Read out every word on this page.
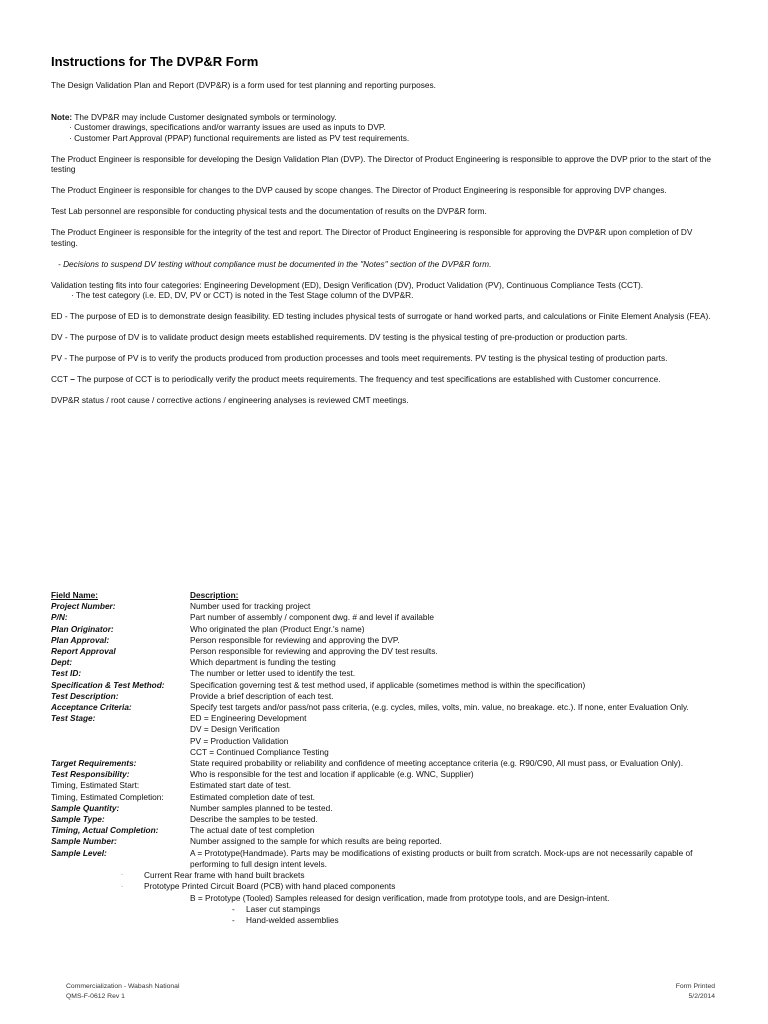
Instructions for The DVP&R Form

The Design Validation Plan and Report (DVP&R) is a form used for test planning and reporting purposes.

Note: The DVP&R may include Customer designated symbols or terminology.

· Customer drawings, specifications and/or warranty issues are used as inputs to DVP.

· Customer Part Approval (PPAP) functional requirements are listed as PV test requirements.

The Product Engineer is responsible for developing the Design Validation Plan (DVP). The Director of Product Engineering is responsible to approve the DVP prior to the start of the testing

The Product Engineer is responsible for changes to the DVP caused by scope changes. The Director of Product Engineering is responsible for approving DVP changes.

Test Lab personnel are responsible for conducting physical tests and the documentation of results on the DVP&R form.

The Product Engineer is responsible for the integrity of the test and report. The Director of Product Engineering is responsible for approving the DVP&R upon completion of DV testing.

- Decisions to suspend DV testing without compliance must be documented in the "Notes" section of the DVP&R form.

Validation testing fits into four categories: Engineering Development (ED), Design Verification (DV), Product Validation (PV), Continuous Compliance Tests (CCT).

· The test category (i.e. ED, DV, PV or CCT) is noted in the Test Stage column of the DVP&R.

ED - The purpose of ED is to demonstrate design feasibility. ED testing includes physical tests of surrogate or hand worked parts, and calculations or Finite Element Analysis (FEA).

DV - The purpose of DV is to validate product design meets established requirements. DV testing is the physical testing of pre-production or production parts.

PV - The purpose of PV is to verify the products produced from production processes and tools meet requirements. PV testing is the physical testing of production parts.

CCT – The purpose of CCT is to periodically verify the product meets requirements. The frequency and test specifications are established with Customer concurrence.

DVP&R status / root cause / corrective actions / engineering analyses is reviewed CMT meetings.

Field Name:	Description:
Project Number:	Number used for tracking project
P/N:	Part number of assembly / component dwg. # and level if available
Plan Originator:	Who originated the plan (Product Engr.'s name)
Plan Approval:	Person responsible for reviewing and approving the DVP.
Report Approval	Person responsible for reviewing and approving the DV test results.
Dept:	Which department is funding the testing
Test ID:	The number or letter used to identify the test.
Specification & Test Method:	Specification governing test & test method used, if applicable (sometimes method is within the specification)
Test Description:	Provide a brief description of each test.
Acceptance Criteria:	Specify test targets and/or pass/not pass criteria, (e.g. cycles, miles, volts, min. value, no breakage. etc.). If none, enter Evaluation Only.
Test Stage:	ED = Engineering Development
DV = Design Verification
PV = Production Validation
CCT = Continued Compliance Testing
Target Requirements:	State required probability or reliability and confidence of meeting acceptance criteria (e.g. R90/C90, All must pass, or Evaluation Only).
Test Responsibility:	Who is responsible for the test and location if applicable (e.g. WNC, Supplier)
Timing, Estimated Start:	Estimated start date of test.
Timing, Estimated Completion:	Estimated completion date of test.
Sample Quantity:	Number samples planned to be tested.
Sample Type:	Describe the samples to be tested.
Timing, Actual Completion:	The actual date of test completion
Sample Number:	Number assigned to the sample for which results are being reported.
Sample Level:	A = Prototype(Handmade). Parts may be modifications of existing products or built from scratch. Mock-ups are not necessarily capable of performing to full design intent levels.
·	Current Rear frame with hand built brackets
·	Prototype Printed Circuit Board (PCB) with hand placed components
B = Prototype (Tooled) Samples released for design verification, made from prototype tools, and are Design-intent.
- Laser cut stampings
- Hand-welded assemblies
Commercialization - Wabash National
QMS-F-0612 Rev 1
Form Printed
5/2/2014
